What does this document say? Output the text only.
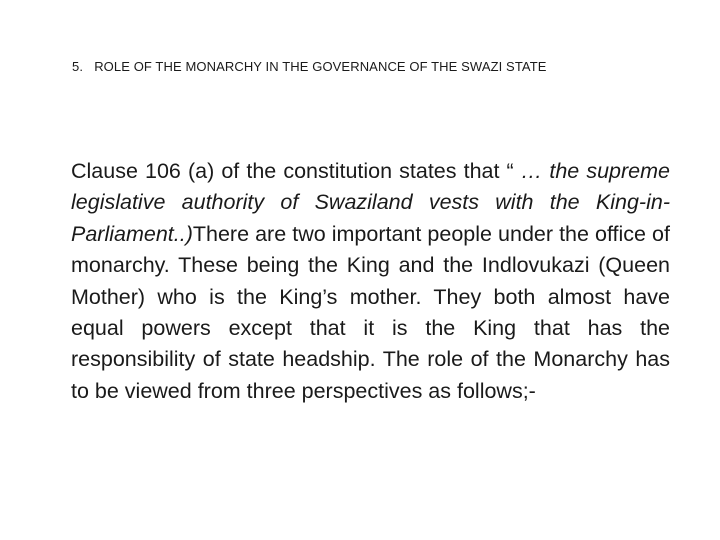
5. ROLE OF THE MONARCHY IN THE GOVERNANCE OF THE SWAZI STATE

Clause 106 (a) of the constitution states that “ … the supreme legislative authority of Swaziland vests with the King-in-Parliament..)There are two important people under the office of monarchy. These being the King and the Indlovukazi (Queen Mother) who is the King’s mother. They both almost have equal powers except that it is the King that has the responsibility of state headship. The role of the Monarchy has to be viewed from three perspectives as follows;-
